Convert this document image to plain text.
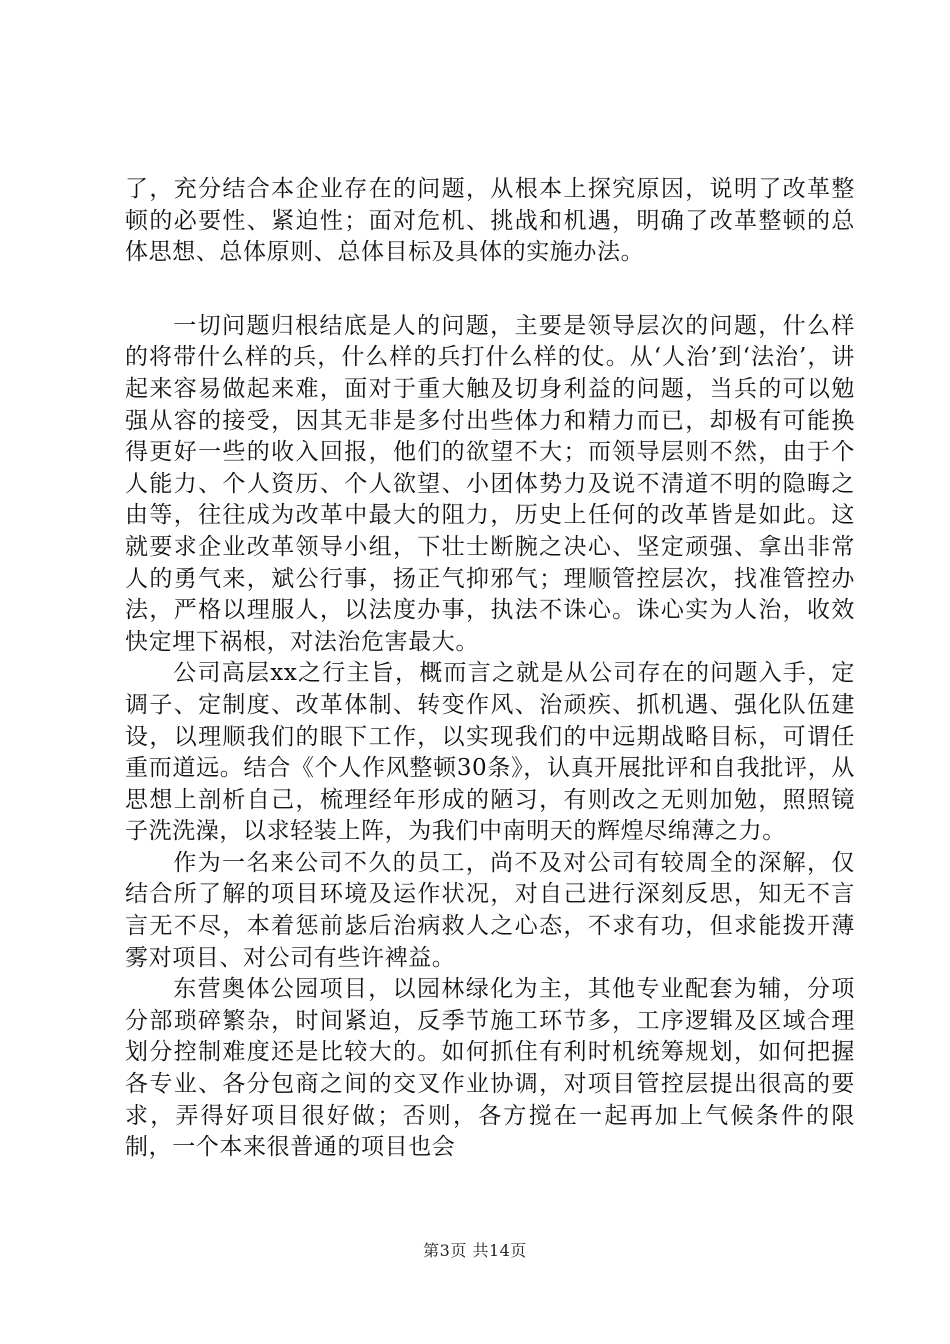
了，充分结合本企业存在的问题，从根本上探究原因，说明了改革整顿的必要性、紧迫性；面对危机、挑战和机遇，明确了改革整顿的总体思想、总体原则、总体目标及具体的实施办法。

一切问题归根结底是人的问题，主要是领导层次的问题，什么样的将带什么样的兵，什么样的兵打什么样的仗。从‘人治’到‘法治’，讲起来容易做起来难，面对于重大触及切身利益的问题，当兵的可以勉强从容的接受，因其无非是多付出些体力和精力而已，却极有可能换得更好一些的收入回报，他们的欲望不大；而领导层则不然，由于个人能力、个人资历、个人欲望、小团体势力及说不清道不明的隐晦之由等，往往成为改革中最大的阻力，历史上任何的改革皆是如此。这就要求企业改革领导小组，下壮士断腕之决心、坚定顽强、拿出非常人的勇气来，斌公行事，扬正气抑邪气；理顺管控层次，找准管控办法，严格以理服人，以法度办事，执法不诛心。诛心实为人治，收效快定埋下祸根，对法治危害最大。

公司高层xx之行主旨，概而言之就是从公司存在的问题入手，定调子、定制度、改革体制、转变作风、治顽疾、抓机遇、强化队伍建设，以理顺我们的眼下工作，以实现我们的中远期战略目标，可谓任重而道远。结合《个人作风整顿30条》，认真开展批评和自我批评，从思想上剖析自己，梳理经年形成的陋习，有则改之无则加勉，照照镜子洗洗澡，以求轻装上阵，为我们中南明天的辉煌尽绵薄之力。

作为一名来公司不久的员工，尚不及对公司有较周全的深解，仅结合所了解的项目环境及运作状况，对自己进行深刻反思，知无不言言无不尽，本着惩前毖后治病救人之心态，不求有功，但求能拨开薄雾对项目、对公司有些许裨益。

东营奥体公园项目，以园林绿化为主，其他专业配套为辅，分项分部琐碎繁杂，时间紧迫，反季节施工环节多，工序逻辑及区域合理划分控制难度还是比较大的。如何抓住有利时机统筹规划，如何把握各专业、各分包商之间的交叉作业协调，对项目管控层提出很高的要求，弄得好项目很好做；否则，各方搅在一起再加上气候条件的限制，一个本来很普通的项目也会

第3页 共14页
